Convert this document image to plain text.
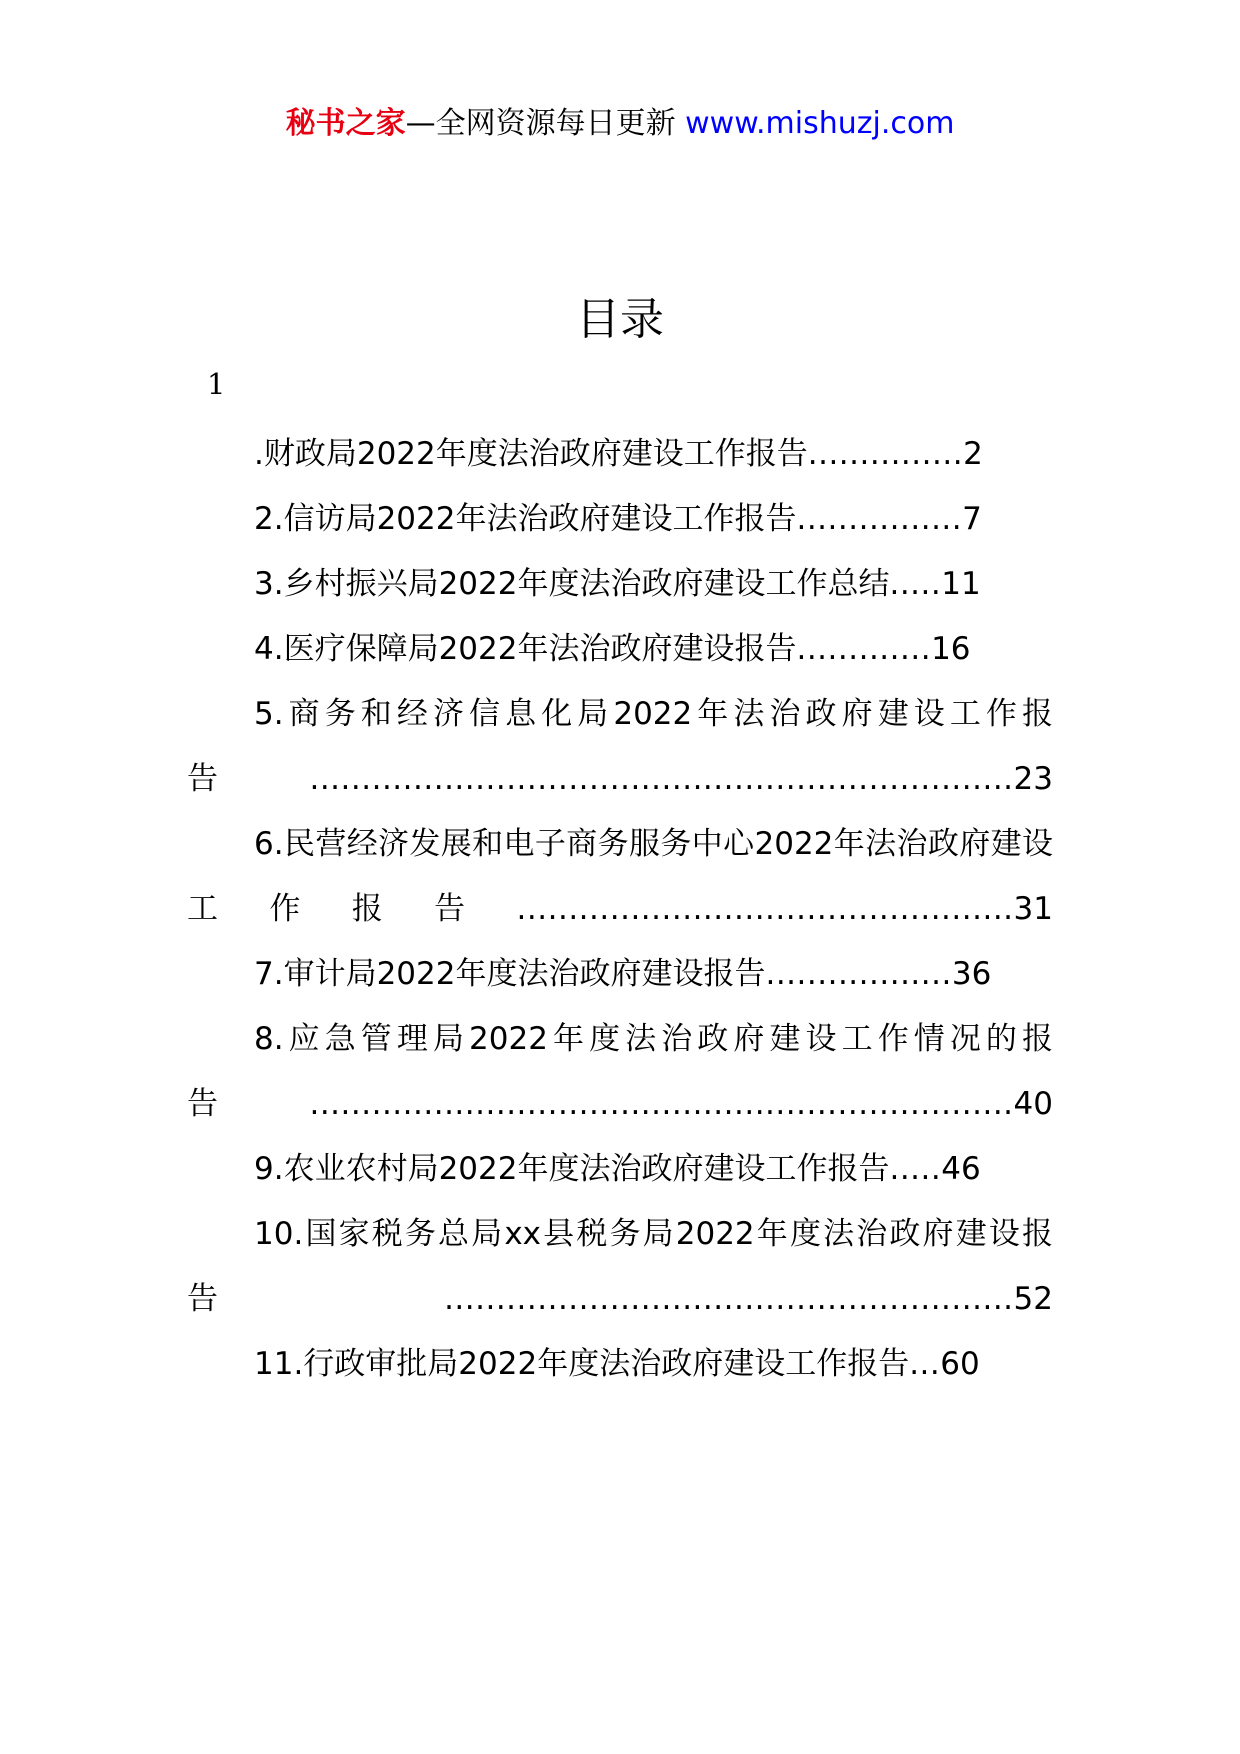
秘书之家—全网资源每日更新 www.mishuzj.com
目录
1
.财政局2022年度法治政府建设工作报告...............2
2.信访局2022年法治政府建设工作报告................7
3.乡村振兴局2022年度法治政府建设工作总结.....11
4.医疗保障局2022年法治政府建设报告.............16
5.商务和经济信息化局2022年法治政府建设工作报告....................................................................23
6.民营经济发展和电子商务服务中心2022年法治政府建设工作报告................................................31
7.审计局2022年度法治政府建设报告..................36
8.应急管理局2022年度法治政府建设工作情况的报告....................................................................40
9.农业农村局2022年度法治政府建设工作报告.....46
10.国家税务总局xx县税务局2022年度法治政府建设报告.......................................................52
11.行政审批局2022年度法治政府建设工作报告...60
